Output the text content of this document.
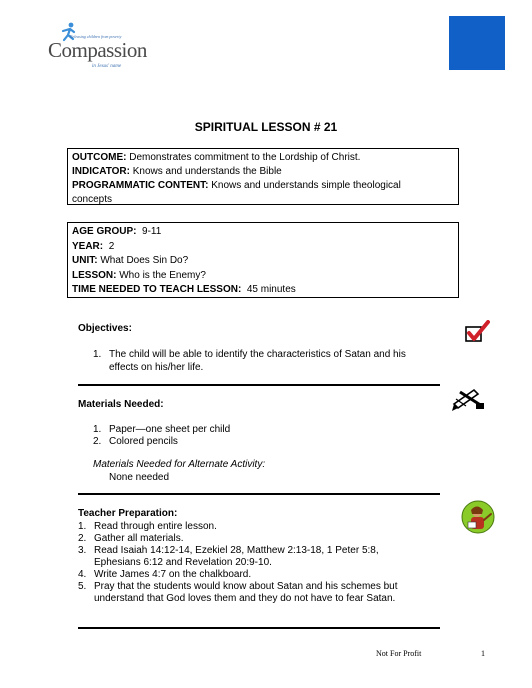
Releasing children from poverty
Compassion
in Jesus' name
SPIRITUAL LESSON # 21
OUTCOME: Demonstrates commitment to the Lordship of Christ.
INDICATOR: Knows and understands the Bible
PROGRAMMATIC CONTENT: Knows and understands simple theological concepts
AGE GROUP: 9-11
YEAR: 2
UNIT: What Does Sin Do?
LESSON: Who is the Enemy?
TIME NEEDED TO TEACH LESSON: 45 minutes
Objectives:
1. The child will be able to identify the characteristics of Satan and his
effects on his/her life.
Materials Needed:
1. Paper—one sheet per child
2. Colored pencils
Materials Needed for Alternate Activity:
None needed
Teacher Preparation:
1. Read through entire lesson.
2. Gather all materials.
3. Read Isaiah 14:12-14, Ezekiel 28, Matthew 2:13-18, 1 Peter 5:8,
Ephesians 6:12 and Revelation 20:9-10.
4. Write James 4:7 on the chalkboard.
5. Pray that the students would know about Satan and his schemes but
understand that God loves them and they do not have to fear Satan.
Not For Profit	1
